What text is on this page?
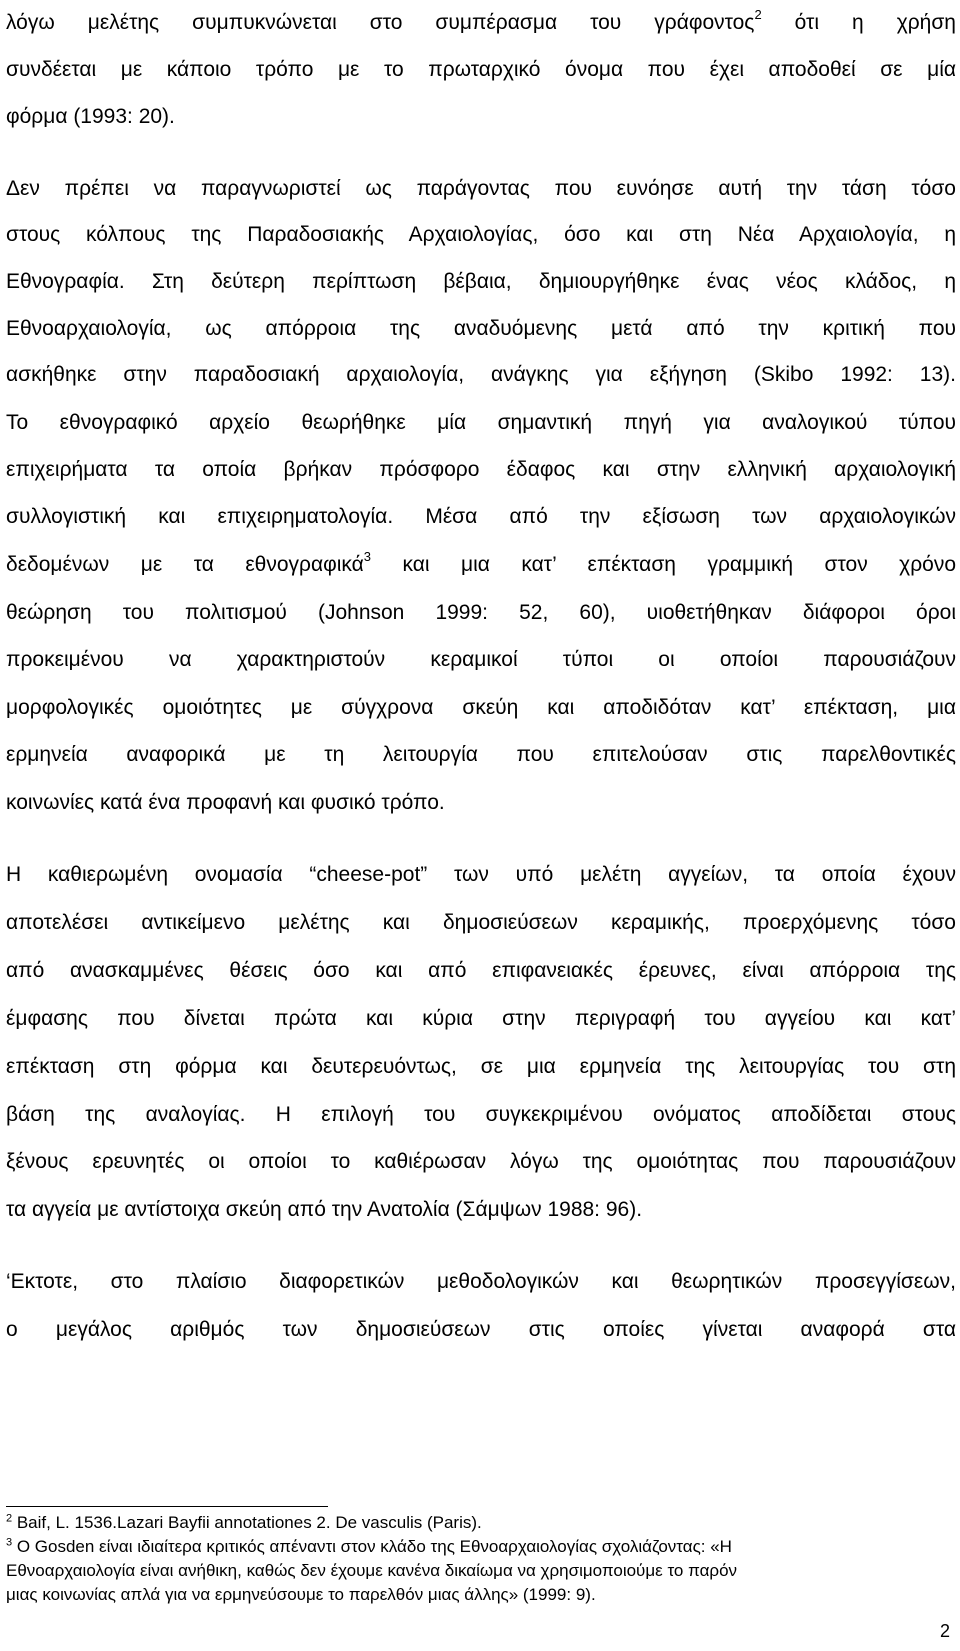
λόγω μελέτης συμπυκνώνεται στο συμπέρασμα του γράφοντος$^2$ ότι η χρήση
συνδέεται με κάποιο τρόπο με το πρωταρχικό όνομα που έχει αποδοθεί σε μία
φόρμα (1993: 20).
Δεν πρέπει να παραγνωριστεί ως παράγοντας που ευνόησε αυτή την τάση τόσο
στους κόλπους της Παραδοσιακής Αρχαιολογίας, όσο και στη Νέα Αρχαιολογία, η
Εθνογραφία. Στη δεύτερη περίπτωση βέβαια, δημιουργήθηκε ένας νέος κλάδος, η
Εθνοαρχαιολογία, ως απόρροια της αναδυόμενης μετά από την κριτική που
ασκήθηκε στην παραδοσιακή αρχαιολογία, ανάγκης για εξήγηση (Skibo 1992: 13).
Το εθνογραφικό αρχείο θεωρήθηκε μία σημαντική πηγή για αναλογικού τύπου
επιχειρήματα τα οποία βρήκαν πρόσφορο έδαφος και στην ελληνική αρχαιολογική
συλλογιστική και επιχειρηματολογία. Μέσα από την εξίσωση των αρχαιολογικών
δεδομένων με τα εθνογραφικά$^3$ και μια κατ’ επέκταση γραμμική στον χρόνο
θεώρηση του πολιτισμού (Johnson 1999: 52, 60), υιοθετήθηκαν διάφοροι όροι
προκειμένου να χαρακτηριστούν κεραμικοί τύποι οι οποίοι παρουσιάζουν
μορφολογικές ομοιότητες με σύγχρονα σκεύη και αποδιδόταν κατ’ επέκταση, μια
ερμηνεία αναφορικά με τη λειτουργία που επιτελούσαν στις παρελθοντικές
κοινωνίες κατά ένα προφανή και φυσικό τρόπο.
Η καθιερωμένη ονομασία “cheese-pot” των υπό μελέτη αγγείων, τα οποία έχουν
αποτελέσει αντικείμενο μελέτης και δημοσιεύσεων κεραμικής, προερχόμενης τόσο
από ανασκαμμένες θέσεις όσο και από επιφανειακές έρευνες, είναι απόρροια της
έμφασης που δίνεται πρώτα και κύρια στην περιγραφή του αγγείου και κατ’
επέκταση στη φόρμα και δευτερευόντως, σε μια ερμηνεία της λειτουργίας του στη
βάση της αναλογίας. Η επιλογή του συγκεκριμένου ονόματος αποδίδεται στους
ξένους ερευνητές οι οποίοι το καθιέρωσαν λόγω της ομοιότητας που παρουσιάζουν
τα αγγεία με αντίστοιχα σκεύη από την Ανατολία (Σάμψων 1988: 96).
‘Εκτοτε, στο πλαίσιο διαφορετικών μεθοδολογικών και θεωρητικών προσεγγίσεων,
ο μεγάλος αριθμός των δημοσιεύσεων στις οποίες γίνεται αναφορά στα
$^2$ Baif, L. 1536.Lazari Bayfii annotationes 2. De vasculis (Paris).
$^3$ Ο Gosden είναι ιδιαίτερα κριτικός απέναντι στον κλάδο της Εθνοαρχαιολογίας σχολιάζοντας: «Η
Εθνοαρχαιολογία είναι ανήθικη, καθώς δεν έχουμε κανένα δικαίωμα να χρησιμοποιούμε το παρόν
μιας κοινωνίας απλά για να ερμηνεύσουμε το παρελθόν μιας άλλης» (1999: 9).
2
